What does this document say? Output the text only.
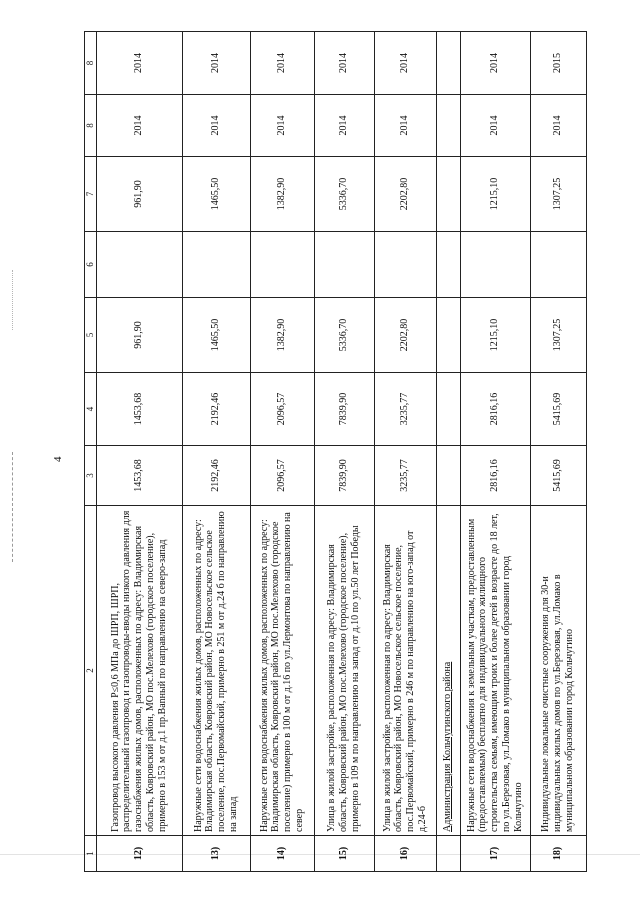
4
1	2	3	4	5	6	7	8	8
12)	Газопровод высокого давления Р≤0,6 МПа до ШРП, ШРП, распределительный газопровод и газопроводы-вводы низкого давления для газоснабжения жилых домов, расположенных по адресу: Владимирская область, Ковровский район, МО пос.Мелехово (городское поселение), примерно в 153 м от д.1 пр.Banный по направлению на северо-запад	1453,68	1453,68	961,90		961,90	2014	2014
13)	Наружные сети водоснабжения жилых домов, расположенных по адресу: Владимирская область, Ковровский район, МО Новосельское сельское поселение, пос.Первомайский, примерно в 251 м от д.24 б по направлению на запад	2192,46	2192,46	1465,50		1465,50	2014	2014
14)	Наружные сети водоснабжения жилых домов, расположенных по адресу: Владимирская область, Ковровский район, МО пос.Мелехово (городское поселение) примерно в 100 м от д.16 по ул.Лермонтова по направлению на север	2096,57	2096,57	1382,90		1382,90	2014	2014
15)	Улица в жилой застройке, расположенная по адресу: Владимирская область, Ковровский район, МО пос.Мелехово (городское поселение), примерно в 109 м по направлению на запад от д.10 по ул.50 лет Победы	7839,90	7839,90	5336,70		5336,70	2014	2014
16)	Улица в жилой застройке, расположенная по адресу: Владимирская область, Ковровский район, МО Новосельское сельское поселение, пос.Первомайский, примерно в 246 м по направлению на юго-запад от д.24-б	3235,77	3235,77	2202,80		2202,80	2014	2014
	Администрация Кольчугинского района							
17)	Наружные сети водоснабжения к земельным участкам, предоставленным (предоставляемым) бесплатно для индивидуального жилищного строительства семьям, имеющим троих и более детей в возрасте до 18 лет, по ул.Березовая, ул.Ломако в муниципальном образовании город Кольчугино	2816,16	2816,16	1215,10		1215,10	2014	2014
18)	Индивидуальные локальные очистные сооружения для 30-и индивидуальных жилых домов по ул.Березовая, ул.Ломако в муниципальном образовании город Кольчугино	5415,69	5415,69	1307,25		1307,25	2014	2015
